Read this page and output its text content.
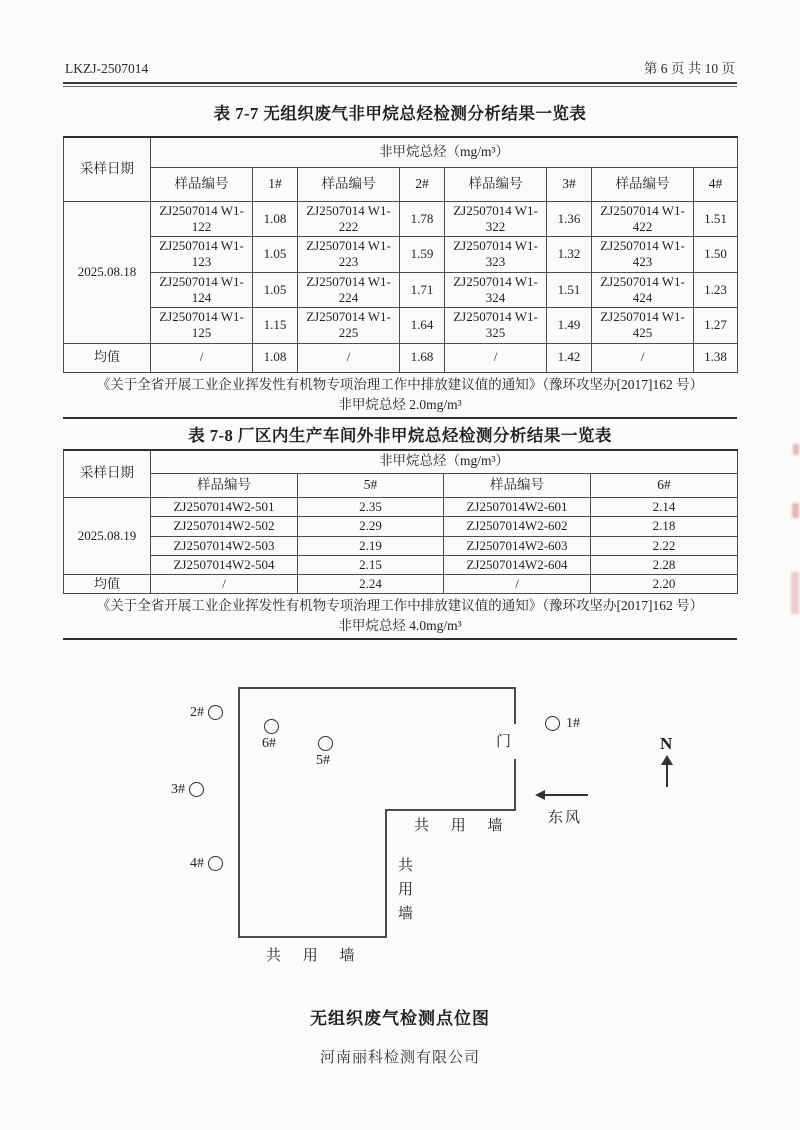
LKZJ-2507014	第 6 页 共 10 页
表 7-7 无组织废气非甲烷总烃检测分析结果一览表
采样日期	非甲烷总烃（mg/m³）							
	样品编号	1#	样品编号	2#	样品编号	3#	样品编号	4#
2025.08.18	ZJ2507014 W1-122	1.08	ZJ2507014 W1-222	1.78	ZJ2507014 W1-322	1.36	ZJ2507014 W1-422	1.51
	ZJ2507014 W1-123	1.05	ZJ2507014 W1-223	1.59	ZJ2507014 W1-323	1.32	ZJ2507014 W1-423	1.50
	ZJ2507014 W1-124	1.05	ZJ2507014 W1-224	1.71	ZJ2507014 W1-324	1.51	ZJ2507014 W1-424	1.23
	ZJ2507014 W1-125	1.15	ZJ2507014 W1-225	1.64	ZJ2507014 W1-325	1.49	ZJ2507014 W1-425	1.27
均值	/	1.08	/	1.68	/	1.42	/	1.38
《关于全省开展工业企业挥发性有机物专项治理工作中排放建议值的通知》（豫环攻坚办[2017]162 号）
非甲烷总烃 2.0mg/m³
表 7-8 厂区内生产车间外非甲烷总烃检测分析结果一览表
采样日期	非甲烷总烃（mg/m³）			
	样品编号	5#	样品编号	6#
2025.08.19	ZJ2507014W2-501	2.35	ZJ2507014W2-601	2.14
	ZJ2507014W2-502	2.29	ZJ2507014W2-602	2.18
	ZJ2507014W2-503	2.19	ZJ2507014W2-603	2.22
	ZJ2507014W2-504	2.15	ZJ2507014W2-604	2.28
均值	/	2.24	/	2.20
《关于全省开展工业企业挥发性有机物专项治理工作中排放建议值的通知》（豫环攻坚办[2017]162 号）
非甲烷总烃 4.0mg/m³
门
2#
6#
5#
1#
3#
4#
共 用 墙
共用墙
共 用 墙
N
东风
无组织废气检测点位图
河南丽科检测有限公司
